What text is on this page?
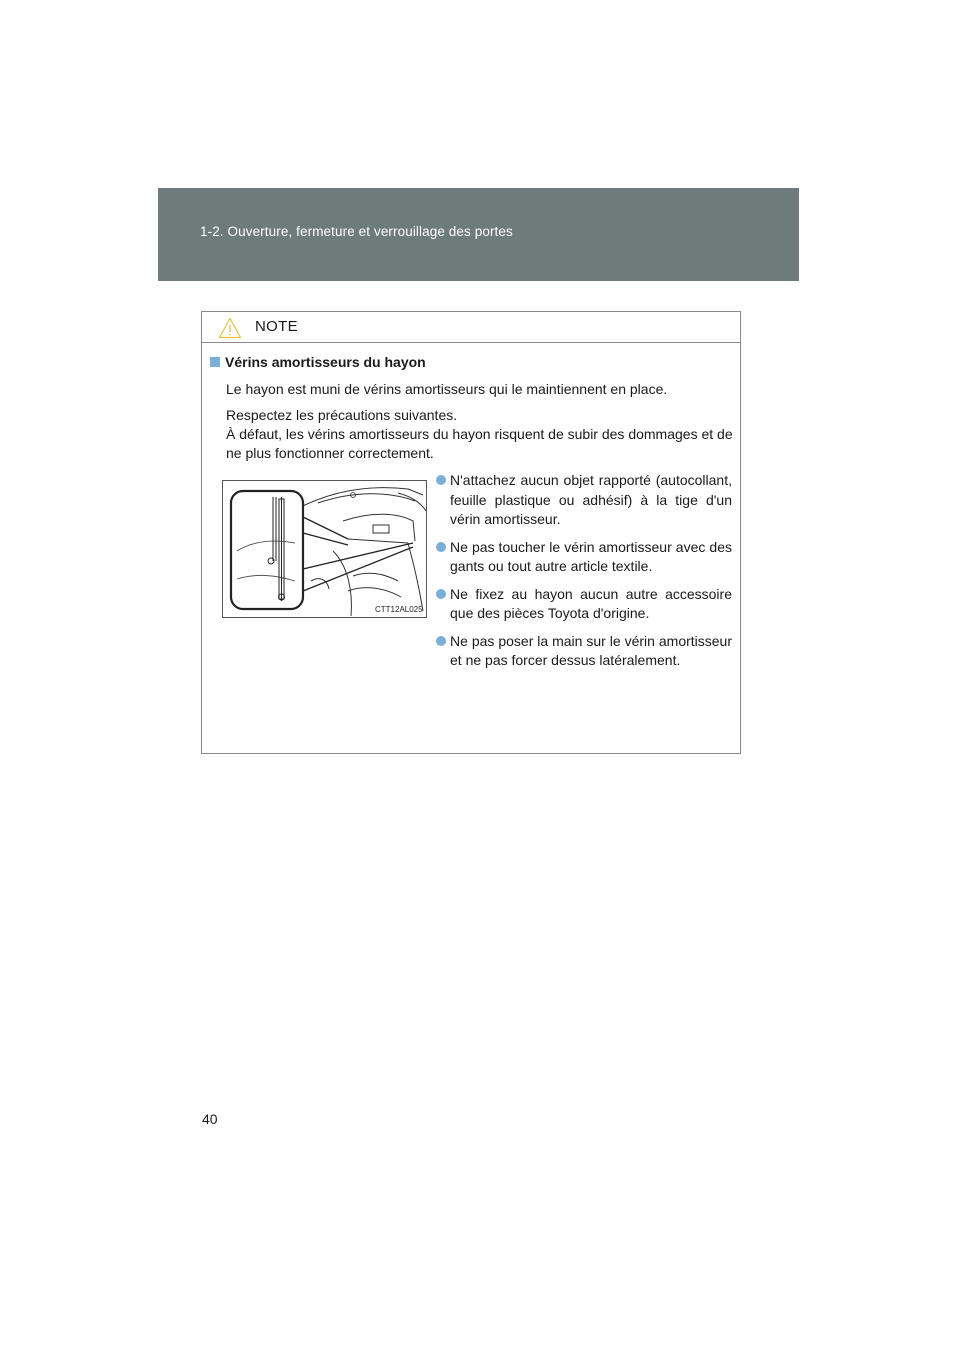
1-2. Ouverture, fermeture et verrouillage des portes
NOTE
Vérins amortisseurs du hayon
Le hayon est muni de vérins amortisseurs qui le maintiennent en place.
Respectez les précautions suivantes.
À défaut, les vérins amortisseurs du hayon risquent de subir des dommages et de ne plus fonctionner correctement.
CTT12AL025
N'attachez aucun objet rapporté (autocollant, feuille plastique ou adhésif) à la tige d'un vérin amortisseur.
Ne pas toucher le vérin amortisseur avec des gants ou tout autre article textile.
Ne fixez au hayon aucun autre accessoire que des pièces Toyota d'origine.
Ne pas poser la main sur le vérin amortisseur et ne pas forcer dessus latéralement.
40
